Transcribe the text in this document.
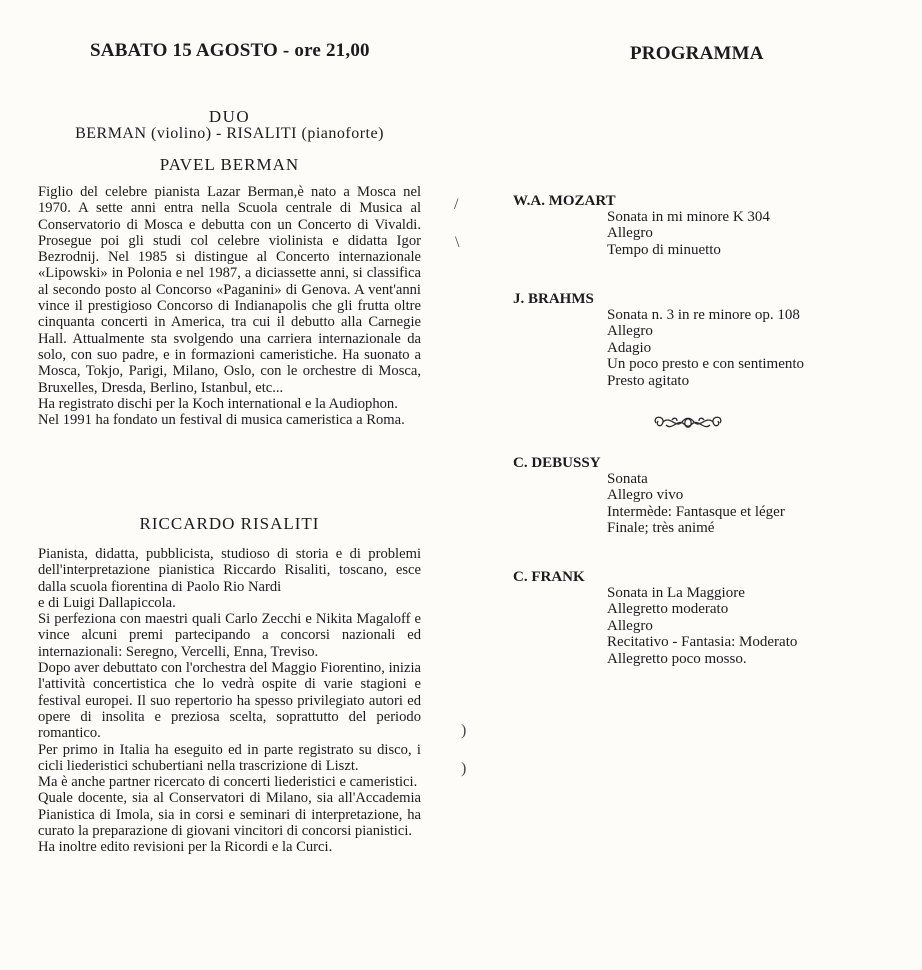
SABATO 15 AGOSTO - ore 21,00	PROGRAMMA
DUO
BERMAN (violino) - RISALITI (pianoforte)
PAVEL BERMAN

Figlio del celebre pianista Lazar Berman,è nato a Mosca nel 1970. A sette anni entra nella Scuola centrale di Musica al Conservatorio di Mosca e debutta con un Concerto di Vivaldi. Prosegue poi gli studi col celebre violinista e didatta Igor Bezrodnij. Nel 1985 si distingue al Concerto internazionale «Lipowski» in Polonia e nel 1987, a diciassette anni, si classifica al secondo posto al Concorso «Paganini» di Genova. A vent'anni vince il prestigioso Concorso di Indianapolis che gli frutta oltre cinquanta concerti in America, tra cui il debutto alla Carnegie Hall. Attualmente sta svolgendo una carriera internazionale da solo, con suo padre, e in formazioni cameristiche. Ha suonato a Mosca, Tokjo, Parigi, Milano, Oslo, con le orchestre di Mosca, Bruxelles, Dresda, Berlino, Istanbul, etc...

Ha registrato dischi per la Koch international e la Audiophon.

Nel 1991 ha fondato un festival di musica cameristica a Roma.

RICCARDO RISALITI

Pianista, didatta, pubblicista, studioso di storia e di problemi dell'interpretazione pianistica Riccardo Risaliti, toscano, esce dalla scuola fiorentina di Paolo Rio Nardi

e di Luigi Dallapiccola.

Si perfeziona con maestri quali Carlo Zecchi e Nikita Magaloff e vince alcuni premi partecipando a concorsi nazionali ed internazionali: Seregno, Vercelli, Enna, Treviso.

Dopo aver debuttato con l'orchestra del Maggio Fiorentino, inizia l'attività concertistica che lo vedrà ospite di varie stagioni e festival europei. Il suo repertorio ha spesso privilegiato autori ed opere di insolita e preziosa scelta, soprattutto del periodo romantico.

Per primo in Italia ha eseguito ed in parte registrato su disco, i cicli liederistici schubertiani nella trascrizione di Liszt.

Ma è anche partner ricercato di concerti liederistici e cameristici.

Quale docente, sia al Conservatori di Milano, sia all'Accademia Pianistica di Imola, sia in corsi e seminari di interpretazione, ha curato la preparazione di giovani vincitori di concorsi pianistici.

Ha inoltre edito revisioni per la Ricordi e la Curci.

/
\
)
)
W.A. MOZART
Sonata in mi minore K 304
Allegro
Tempo di minuetto
J. BRAHMS
Sonata n. 3 in re minore op. 108
Allegro
Adagio
Un poco presto e con sentimento
Presto agitato
C. DEBUSSY
Sonata
Allegro vivo
Intermède: Fantasque et léger
Finale; très animé
C. FRANK
Sonata in La Maggiore
Allegretto moderato
Allegro
Recitativo - Fantasia: Moderato
Allegretto poco mosso.
